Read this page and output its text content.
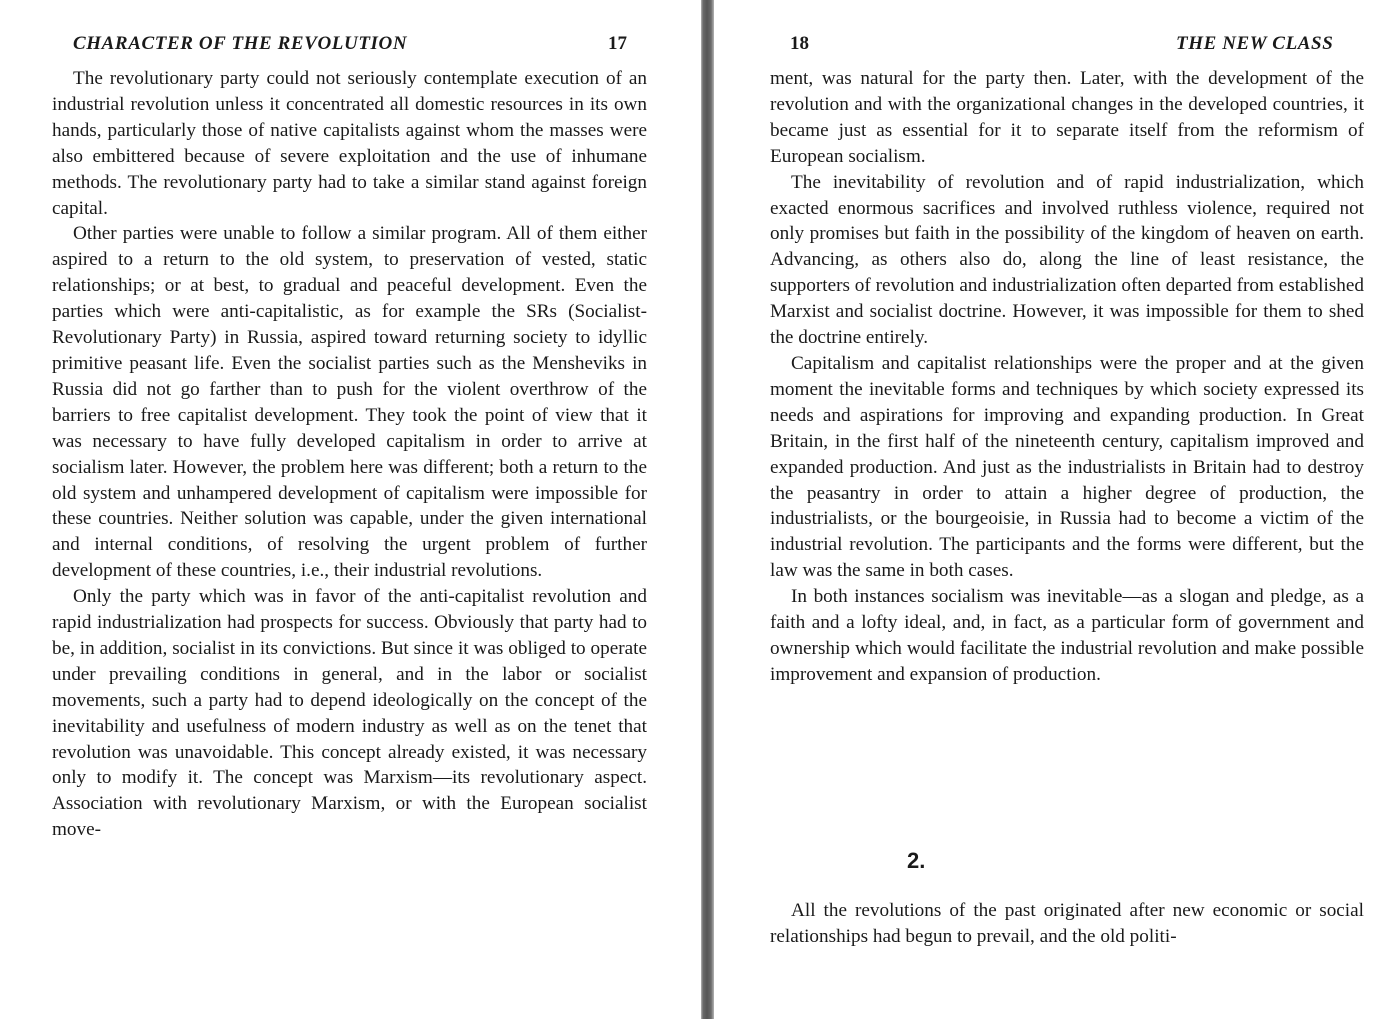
CHARACTER OF THE REVOLUTION	17

The revolutionary party could not seriously contemplate execution of an industrial revolution unless it concentrated all domestic resources in its own hands, particularly those of native capitalists against whom the masses were also embittered because of severe exploitation and the use of inhumane methods. The revolutionary party had to take a similar stand against foreign capital.

Other parties were unable to follow a similar program. All of them either aspired to a return to the old system, to preservation of vested, static relationships; or at best, to gradual and peaceful development. Even the parties which were anti-capitalistic, as for example the SRs (Socialist-Revolutionary Party) in Russia, aspired toward returning society to idyllic primitive peasant life. Even the socialist parties such as the Mensheviks in Russia did not go farther than to push for the violent overthrow of the barriers to free capitalist development. They took the point of view that it was necessary to have fully developed capitalism in order to arrive at socialism later. However, the problem here was different; both a return to the old system and unhampered development of capitalism were impossible for these countries. Neither solution was capable, under the given international and internal conditions, of resolving the urgent problem of further development of these countries, i.e., their industrial revolutions.

Only the party which was in favor of the anti-capitalist revolution and rapid industrialization had prospects for success. Obviously that party had to be, in addition, socialist in its convictions. But since it was obliged to operate under prevailing conditions in general, and in the labor or socialist movements, such a party had to depend ideologically on the concept of the inevitability and usefulness of modern industry as well as on the tenet that revolution was unavoidable. This concept already existed, it was necessary only to modify it. The concept was Marxism—its revolutionary aspect. Association with revolutionary Marxism, or with the European socialist move-

18	THE NEW CLASS

ment, was natural for the party then. Later, with the development of the revolution and with the organizational changes in the developed countries, it became just as essential for it to separate itself from the reformism of European socialism.

The inevitability of revolution and of rapid industrialization, which exacted enormous sacrifices and involved ruthless violence, required not only promises but faith in the possibility of the kingdom of heaven on earth. Advancing, as others also do, along the line of least resistance, the supporters of revolution and industrialization often departed from established Marxist and socialist doctrine. However, it was impossible for them to shed the doctrine entirely.

Capitalism and capitalist relationships were the proper and at the given moment the inevitable forms and techniques by which society expressed its needs and aspirations for improving and expanding production. In Great Britain, in the first half of the nineteenth century, capitalism improved and expanded production. And just as the industrialists in Britain had to destroy the peasantry in order to attain a higher degree of production, the industrialists, or the bourgeoisie, in Russia had to become a victim of the industrial revolution. The participants and the forms were different, but the law was the same in both cases.

In both instances socialism was inevitable—as a slogan and pledge, as a faith and a lofty ideal, and, in fact, as a particular form of government and ownership which would facilitate the industrial revolution and make possible improvement and expansion of production.

All the revolutions of the past originated after new economic or social relationships had begun to prevail, and the old politi-

2.
